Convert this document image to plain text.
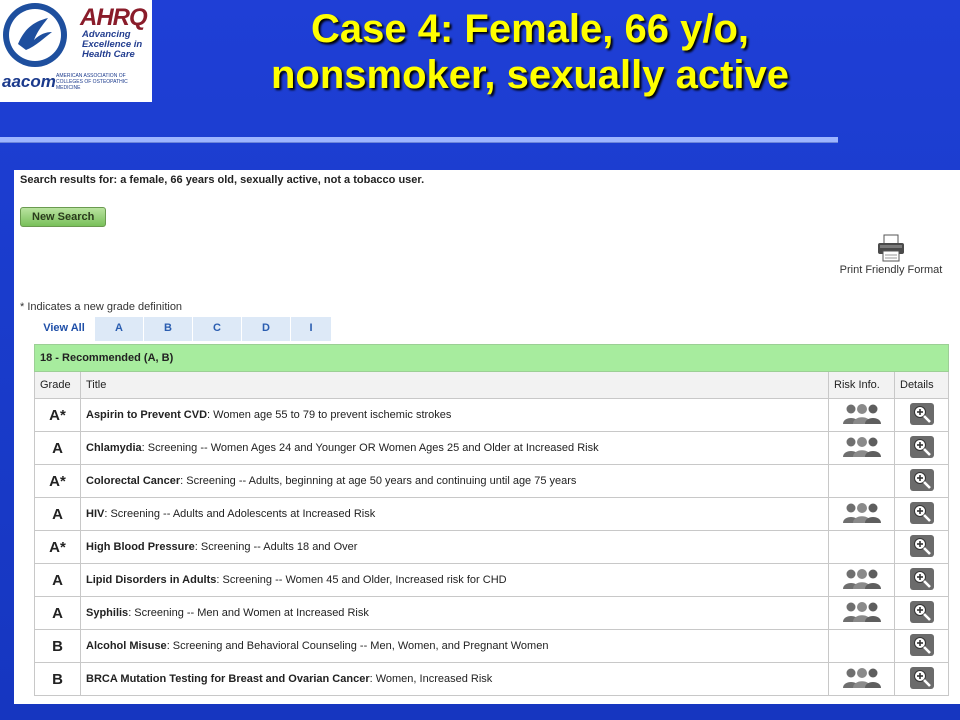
AHRQ
Advancing
Excellence in
Health Care
aacom AMERICAN ASSOCIATION OF COLLEGES OF OSTEOPATHIC MEDICINE
Case 4: Female, 66 y/o,
nonsmoker, sexually active
Search results for: a female, 66 years old, sexually active, not a tobacco user.
New Search
Print Friendly Format
* Indicates a new grade definition
View All	A	B	C	D	I
18 - Recommended (A, B)			
Grade	Title	Risk Info.	Details
A*	Aspirin to Prevent CVD: Women age 55 to 79 to prevent ischemic strokes		
A	Chlamydia: Screening -- Women Ages 24 and Younger OR Women Ages 25 and Older at Increased Risk		
A*	Colorectal Cancer: Screening -- Adults, beginning at age 50 years and continuing until age 75 years		
A	HIV: Screening -- Adults and Adolescents at Increased Risk		
A*	High Blood Pressure: Screening -- Adults 18 and Over		
A	Lipid Disorders in Adults: Screening -- Women 45 and Older, Increased risk for CHD		
A	Syphilis: Screening -- Men and Women at Increased Risk		
B	Alcohol Misuse: Screening and Behavioral Counseling -- Men, Women, and Pregnant Women		
B	BRCA Mutation Testing for Breast and Ovarian Cancer: Women, Increased Risk		
